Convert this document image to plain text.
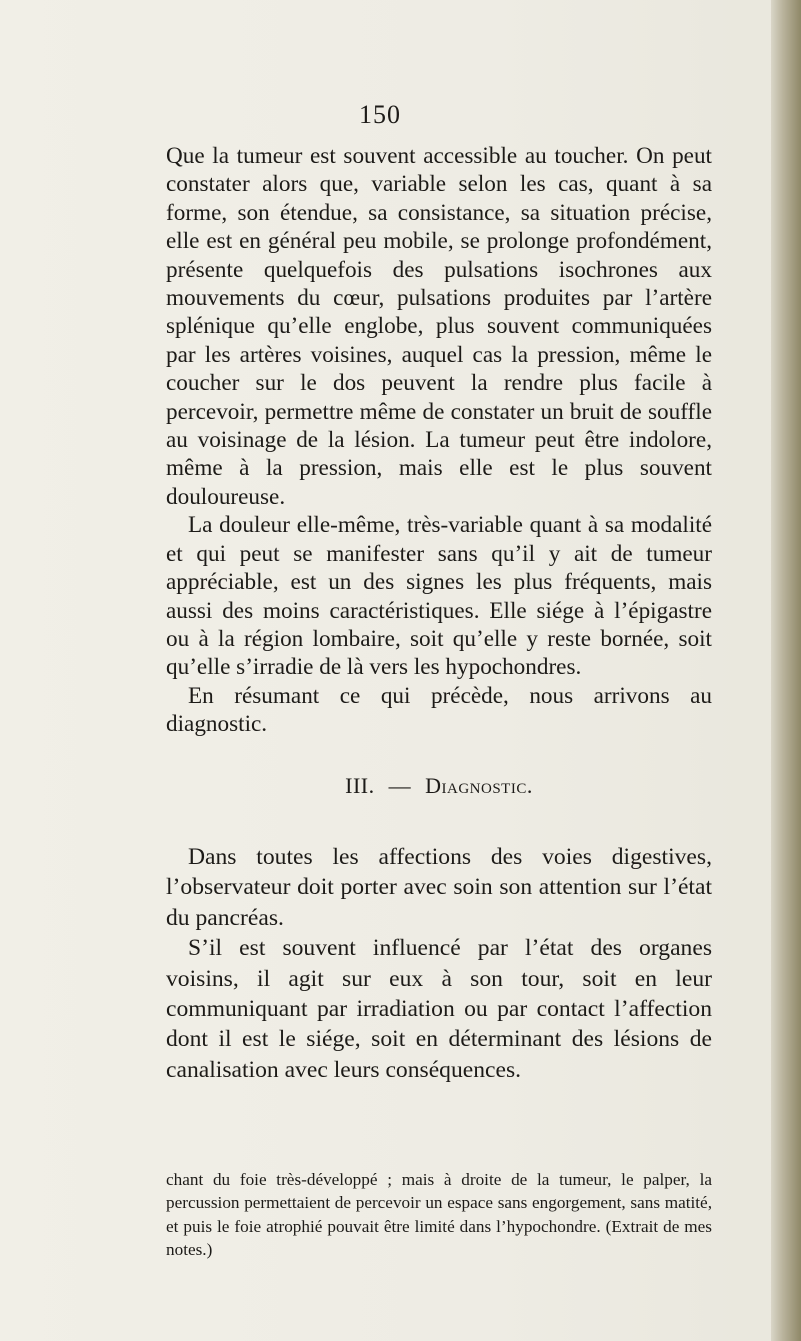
150

Que la tumeur est souvent accessible au toucher. On peut constater alors que, variable selon les cas, quant à sa forme, son étendue, sa consistance, sa situation précise, elle est en général peu mobile, se prolonge profondément, présente quelquefois des pulsations isochrones aux mouvements du cœur, pulsations produites par l’artère splénique qu’elle englobe, plus souvent communiquées par les artères voisines, auquel cas la pression, même le coucher sur le dos peuvent la rendre plus facile à percevoir, permettre même de constater un bruit de souffle au voisinage de la lésion. La tumeur peut être indolore, même à la pression, mais elle est le plus souvent douloureuse.

La douleur elle-même, très-variable quant à sa modalité et qui peut se manifester sans qu’il y ait de tumeur appréciable, est un des signes les plus fréquents, mais aussi des moins caractéristiques. Elle siége à l’épigastre ou à la région lombaire, soit qu’elle y reste bornée, soit qu’elle s’irradie de là vers les hypochondres.

En résumant ce qui précède, nous arrivons au diagnostic.

III. — Diagnostic.

Dans toutes les affections des voies digestives, l’observateur doit porter avec soin son attention sur l’état du pancréas.

S’il est souvent influencé par l’état des organes voisins, il agit sur eux à son tour, soit en leur communiquant par irradiation ou par contact l’affection dont il est le siége, soit en déterminant des lésions de canalisation avec leurs conséquences.

chant du foie très-développé ; mais à droite de la tumeur, le palper, la percussion permettaient de percevoir un espace sans engorgement, sans matité, et puis le foie atrophié pouvait être limité dans l’hypochondre. (Extrait de mes notes.)
